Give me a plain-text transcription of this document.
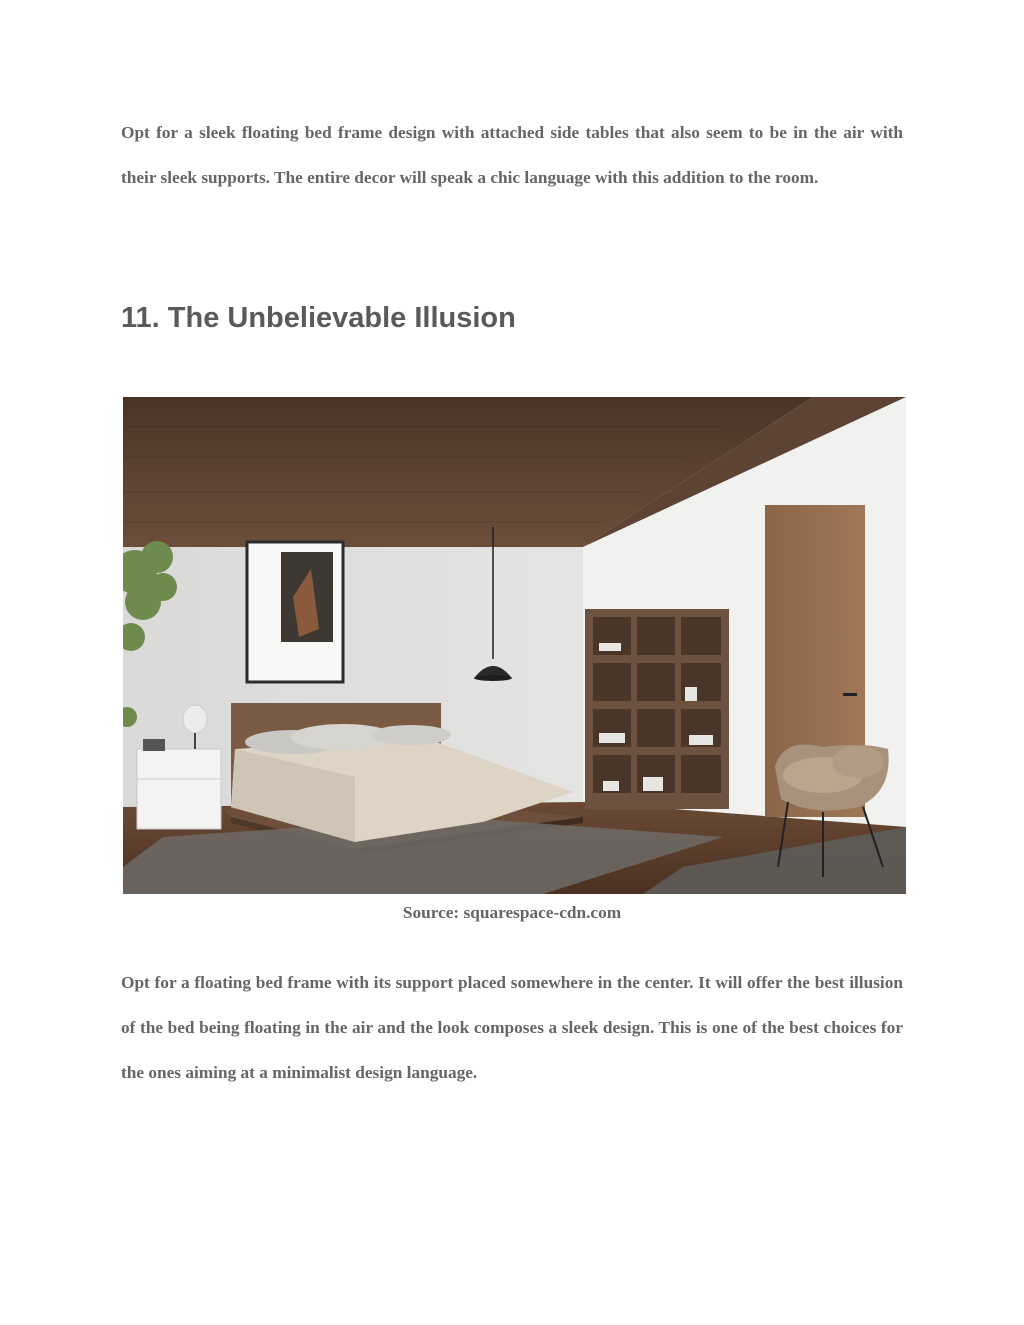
Opt for a sleek floating bed frame design with attached side tables that also seem to be in the air with their sleek supports. The entire decor will speak a chic language with this addition to the room.

11. The Unbelievable Illusion

Source: squarespace-cdn.com

Opt for a floating bed frame with its support placed somewhere in the center. It will offer the best illusion of the bed being floating in the air and the look composes a sleek design. This is one of the best choices for the ones aiming at a minimalist design language.
